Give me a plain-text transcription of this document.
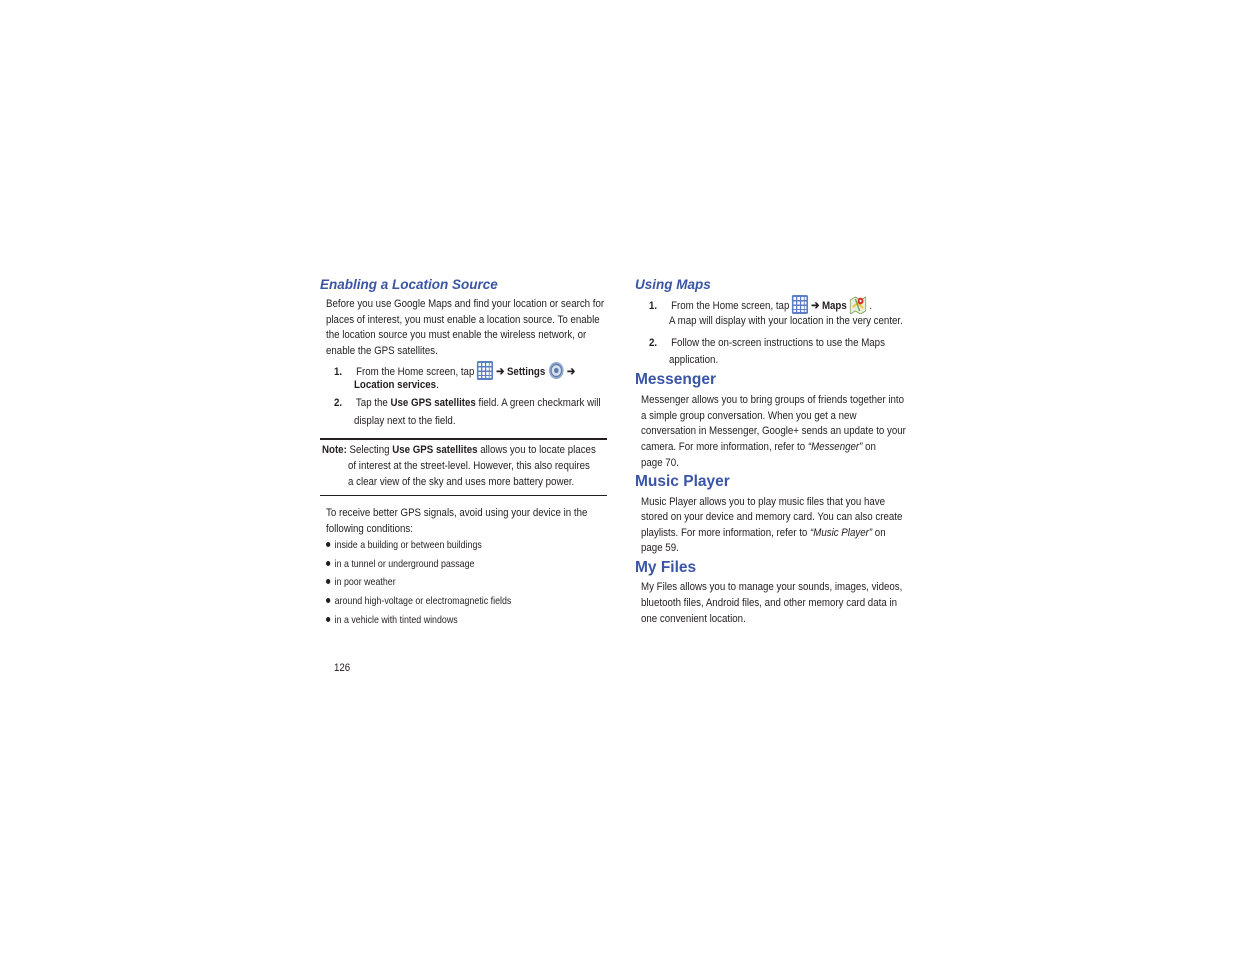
Enabling a Location Source
Before you use Google Maps and find your location or search for places of interest, you must enable a location source. To enable the location source you must enable the wireless network, or enable the GPS satellites.
1. From the Home screen, tap ➔ Settings ➔
Location services.
2. Tap the Use GPS satellites field. A green checkmark will
display next to the field.
Note: Selecting Use GPS satellites allows you to locate places
of interest at the street-level. However, this also requires
a clear view of the sky and uses more battery power.
To receive better GPS signals, avoid using your device in the following conditions:
inside a building or between buildings
in a tunnel or underground passage
in poor weather
around high-voltage or electromagnetic fields
in a vehicle with tinted windows
126
Using Maps
1. From the Home screen, tap ➔ Maps .
A map will display with your location in the very center.
2. Follow the on-screen instructions to use the Maps
application.
Messenger
Messenger allows you to bring groups of friends together into
a simple group conversation. When you get a new
conversation in Messenger, Google+ sends an update to your
camera. For more information, refer to “Messenger” on
page 70.
Music Player
Music Player allows you to play music files that you have
stored on your device and memory card. You can also create
playlists. For more information, refer to “Music Player” on
page 59.
My Files
My Files allows you to manage your sounds, images, videos,
bluetooth files, Android files, and other memory card data in
one convenient location.
